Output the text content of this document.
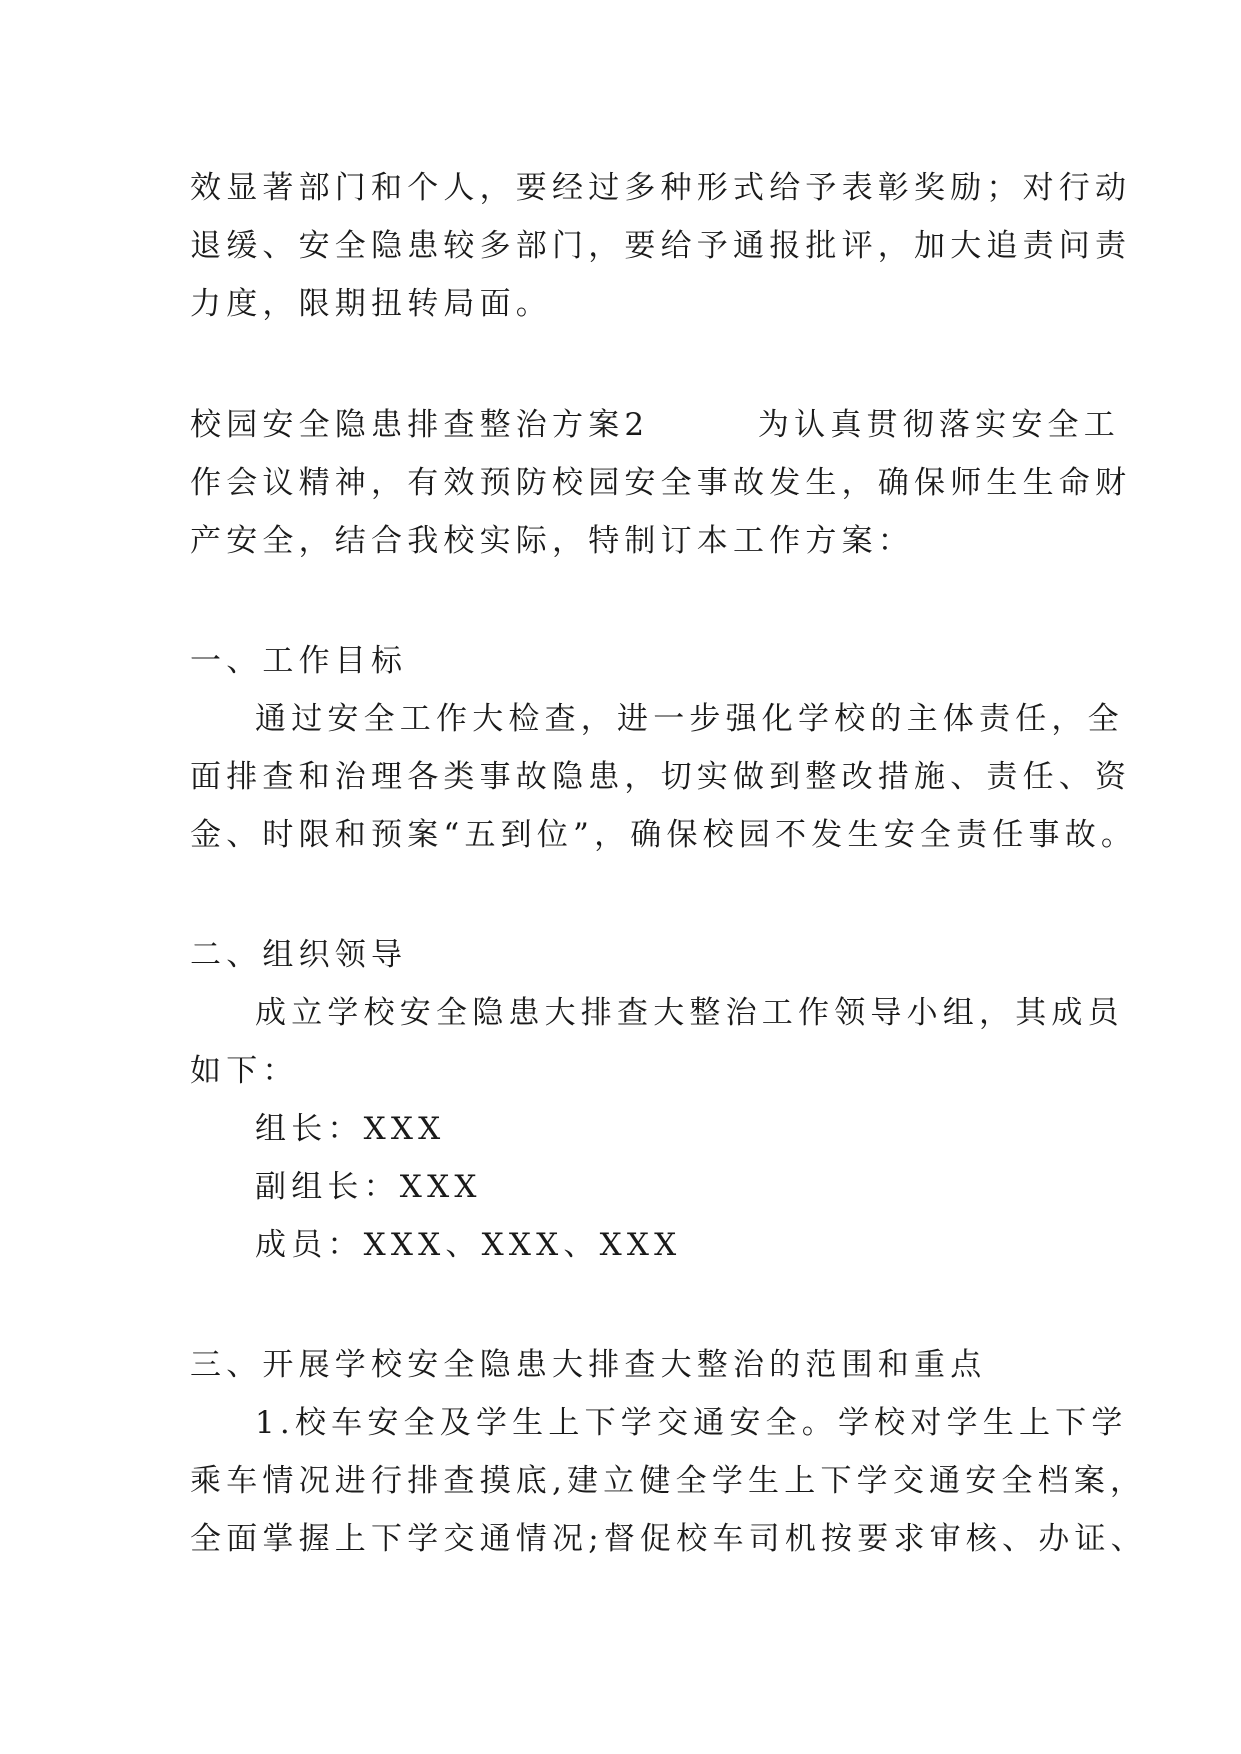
效显著部门和个人，要经过多种形式给予表彰奖励；对行动
退缓、安全隐患较多部门，要给予通报批评，加大追责问责
力度，限期扭转局面。
校园安全隐患排查整治方案2　　　为认真贯彻落实安全工
作会议精神，有效预防校园安全事故发生，确保师生生命财
产安全，结合我校实际，特制订本工作方案：
一、工作目标
通过安全工作大检查，进一步强化学校的主体责任，全
面排查和治理各类事故隐患，切实做到整改措施、责任、资
金、时限和预案“五到位”，确保校园不发生安全责任事故。
二、组织领导
成立学校安全隐患大排查大整治工作领导小组，其成员
如下：
组长：XXX
副组长：XXX
成员：XXX、XXX、XXX
三、开展学校安全隐患大排查大整治的范围和重点
1.校车安全及学生上下学交通安全。学校对学生上下学
乘车情况进行排查摸底,建立健全学生上下学交通安全档案，
全面掌握上下学交通情况;督促校车司机按要求审核、办证、
